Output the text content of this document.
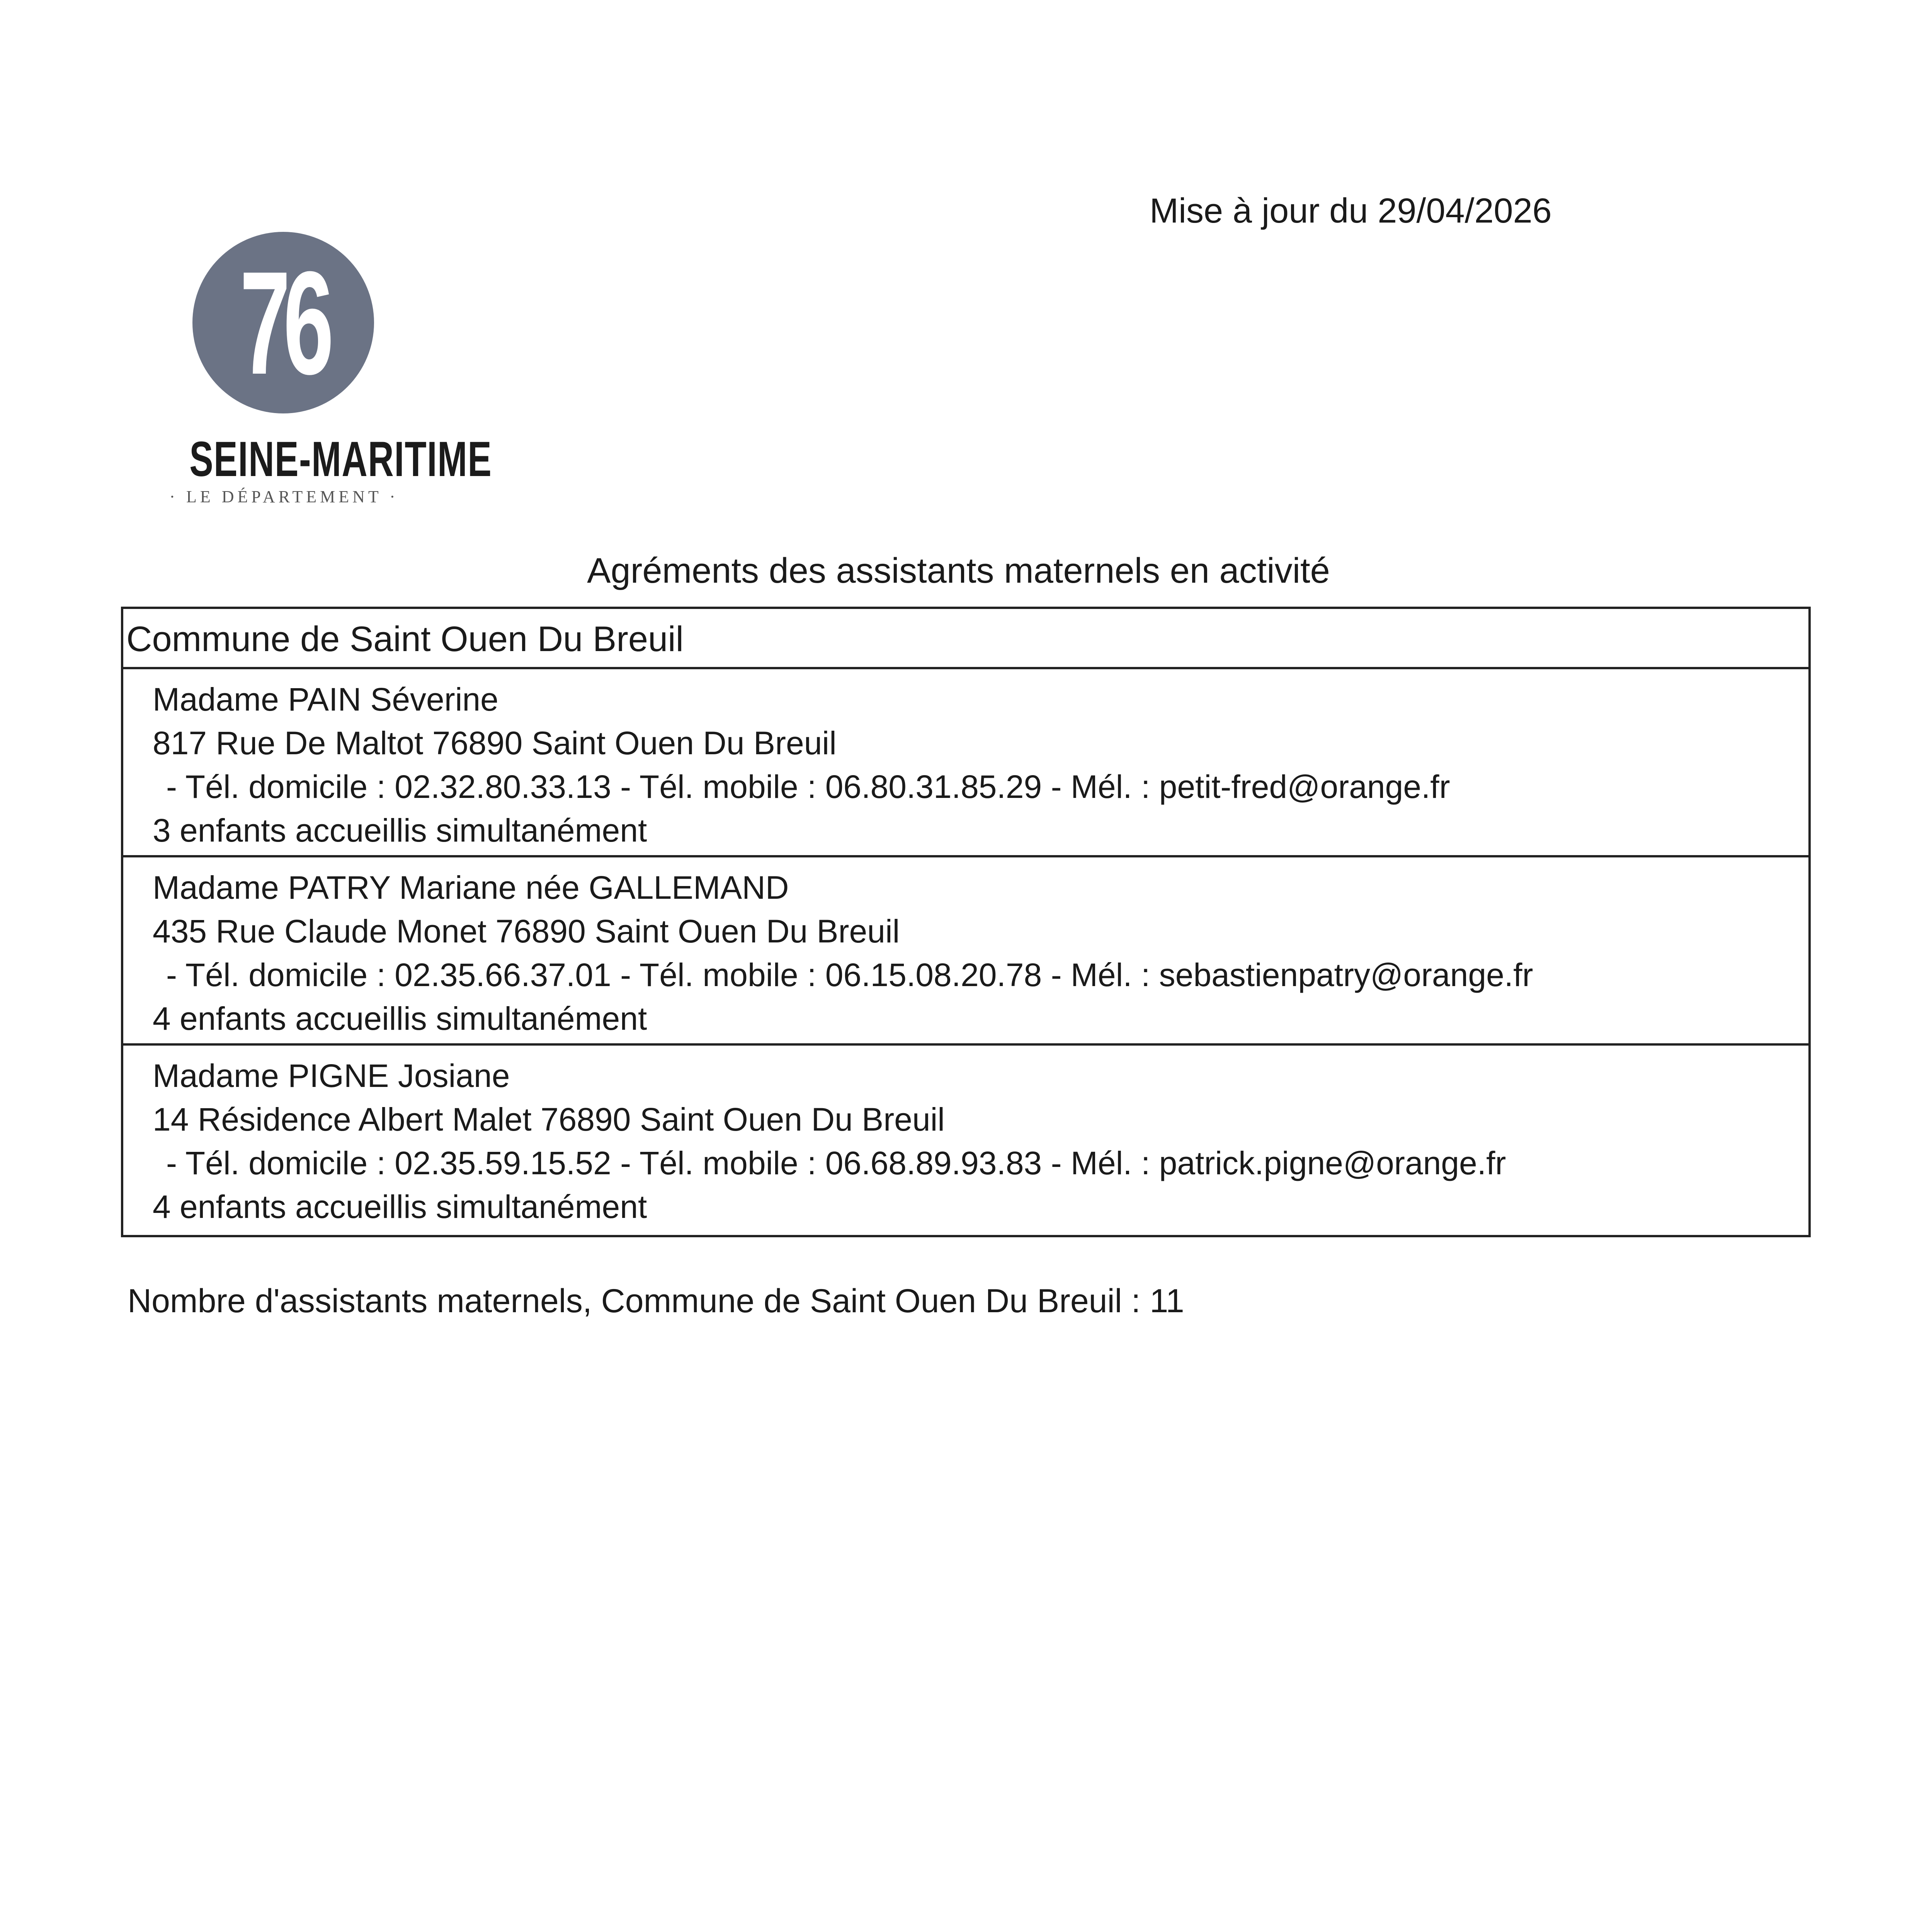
Mise à jour du 29/04/2026
76
SEINE-MARITIME
· LE DÉPARTEMENT ·
Agréments des assistants maternels en activité
Commune de Saint Ouen Du Breuil
Madame PAIN Séverine
817 Rue De Maltot 76890 Saint Ouen Du Breuil
- Tél. domicile : 02.32.80.33.13 - Tél. mobile : 06.80.31.85.29 - Mél. : petit-fred@orange.fr
3 enfants accueillis simultanément
Madame PATRY Mariane née GALLEMAND
435 Rue Claude Monet 76890 Saint Ouen Du Breuil
- Tél. domicile : 02.35.66.37.01 - Tél. mobile : 06.15.08.20.78 - Mél. : sebastienpatry@orange.fr
4 enfants accueillis simultanément
Madame PIGNE Josiane
14 Résidence Albert Malet 76890 Saint Ouen Du Breuil
- Tél. domicile : 02.35.59.15.52 - Tél. mobile : 06.68.89.93.83 - Mél. : patrick.pigne@orange.fr
4 enfants accueillis simultanément
Nombre d'assistants maternels, Commune de Saint Ouen Du Breuil : 11
